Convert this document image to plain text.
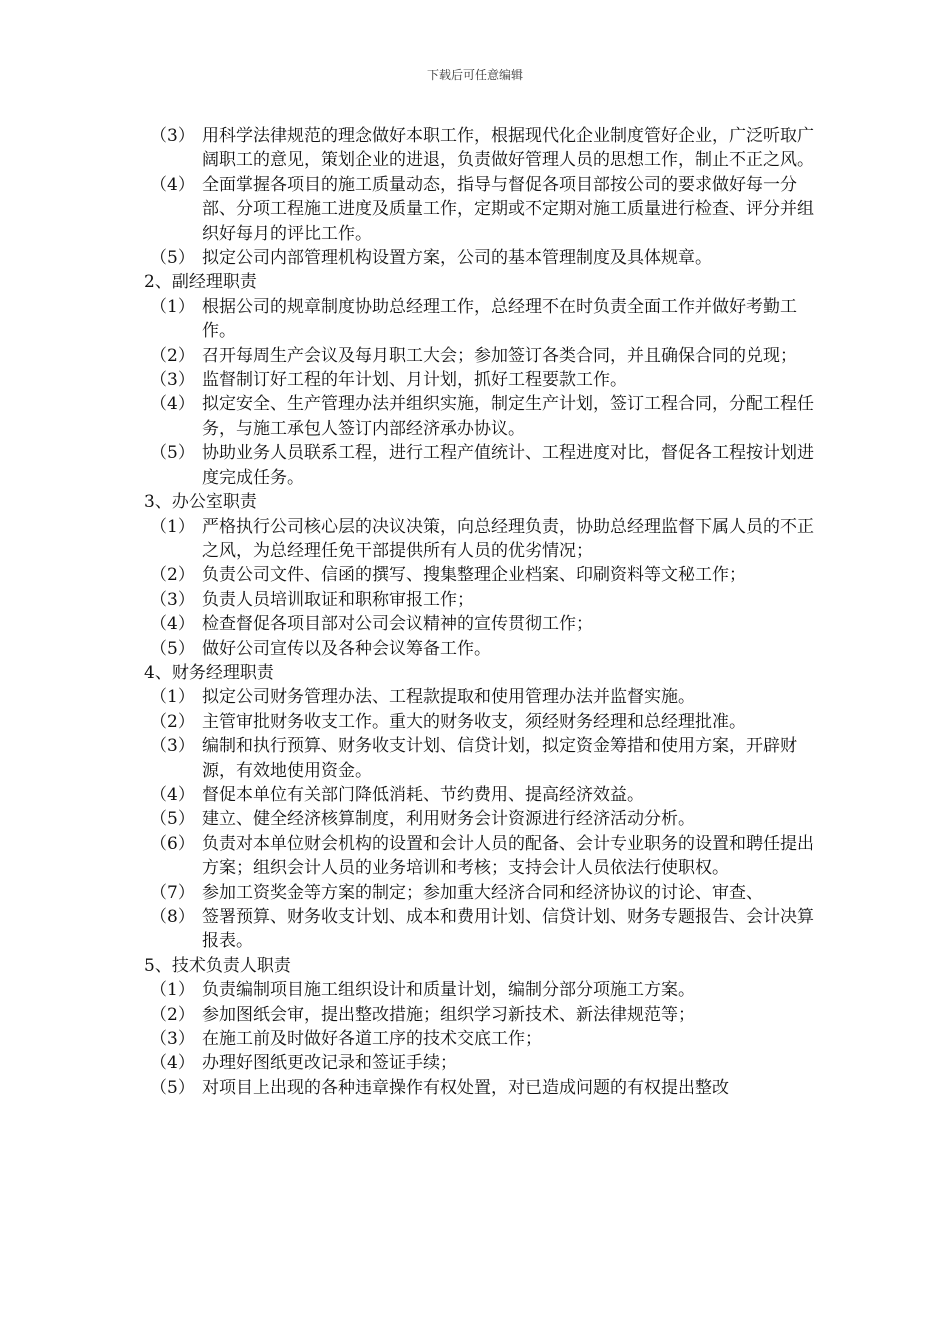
下载后可任意编辑
（3） 用科学法律规范的理念做好本职工作，根据现代化企业制度管好企业，广泛听取广阔职工的意见，策划企业的进退，负责做好管理人员的思想工作，制止不正之风。
（4） 全面掌握各项目的施工质量动态，指导与督促各项目部按公司的要求做好每一分部、分项工程施工进度及质量工作，定期或不定期对施工质量进行检查、评分并组织好每月的评比工作。
（5） 拟定公司内部管理机构设置方案，公司的基本管理制度及具体规章。
2、副经理职责
（1） 根据公司的规章制度协助总经理工作，总经理不在时负责全面工作并做好考勤工作。
（2） 召开每周生产会议及每月职工大会；参加签订各类合同，并且确保合同的兑现；
（3） 监督制订好工程的年计划、月计划，抓好工程要款工作。
（4） 拟定安全、生产管理办法并组织实施，制定生产计划，签订工程合同，分配工程任务，与施工承包人签订内部经济承办协议。
（5） 协助业务人员联系工程，进行工程产值统计、工程进度对比，督促各工程按计划进度完成任务。
3、办公室职责
（1） 严格执行公司核心层的决议决策，向总经理负责，协助总经理监督下属人员的不正之风，为总经理任免干部提供所有人员的优劣情况；
（2） 负责公司文件、信函的撰写、搜集整理企业档案、印刷资料等文秘工作；
（3） 负责人员培训取证和职称审报工作；
（4） 检查督促各项目部对公司会议精神的宣传贯彻工作；
（5） 做好公司宣传以及各种会议筹备工作。
4、财务经理职责
（1） 拟定公司财务管理办法、工程款提取和使用管理办法并监督实施。
（2） 主管审批财务收支工作。重大的财务收支，须经财务经理和总经理批准。
（3） 编制和执行预算、财务收支计划、信贷计划，拟定资金筹措和使用方案，开辟财源，有效地使用资金。
（4） 督促本单位有关部门降低消耗、节约费用、提高经济效益。
（5） 建立、健全经济核算制度，利用财务会计资源进行经济活动分析。
（6） 负责对本单位财会机构的设置和会计人员的配备、会计专业职务的设置和聘任提出方案；组织会计人员的业务培训和考核；支持会计人员依法行使职权。
（7） 参加工资奖金等方案的制定；参加重大经济合同和经济协议的讨论、审查、
（8） 签署预算、财务收支计划、成本和费用计划、信贷计划、财务专题报告、会计决算报表。
5、技术负责人职责
（1） 负责编制项目施工组织设计和质量计划，编制分部分项施工方案。
（2） 参加图纸会审，提出整改措施；组织学习新技术、新法律规范等；
（3） 在施工前及时做好各道工序的技术交底工作；
（4） 办理好图纸更改记录和签证手续；
（5） 对项目上出现的各种违章操作有权处置，对已造成问题的有权提出整改
